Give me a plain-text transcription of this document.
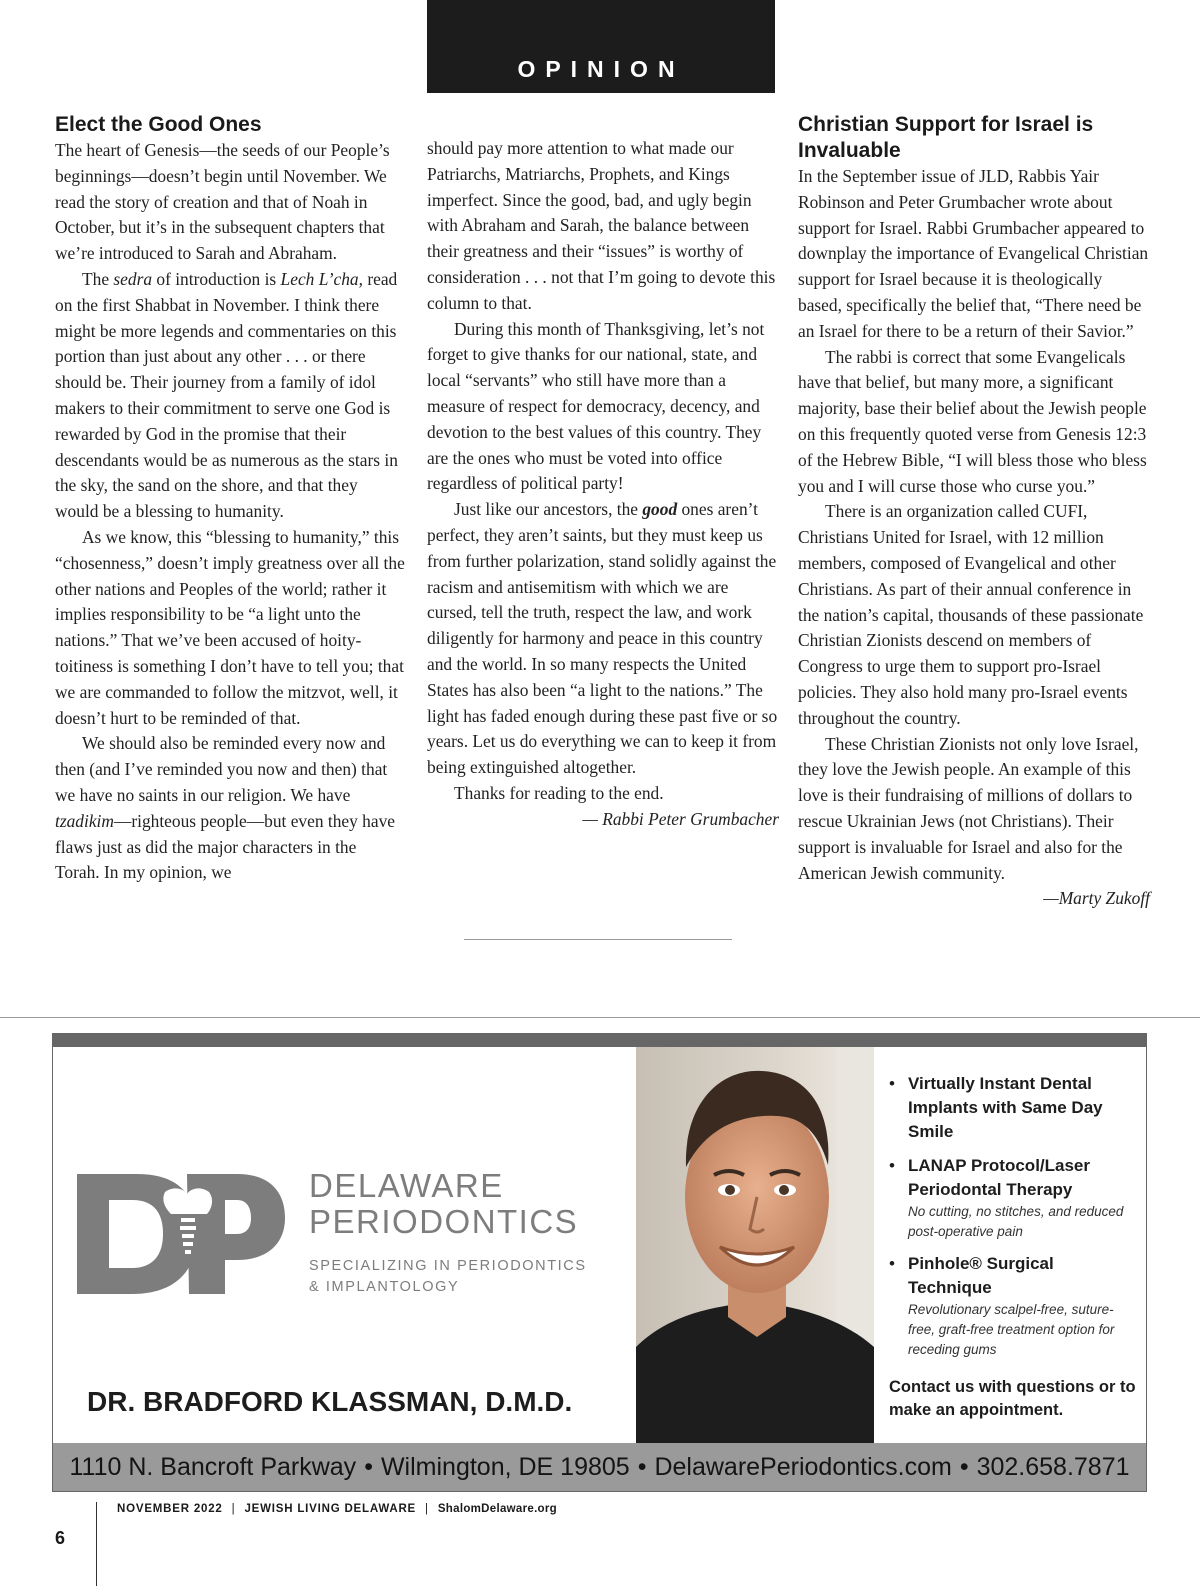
OPINION
Elect the Good Ones

The heart of Genesis—the seeds of our People’s beginnings—doesn’t begin until November. We read the story of creation and that of Noah in October, but it’s in the subsequent chapters that we’re introduced to Sarah and Abraham.

The sedra of introduction is Lech L’cha, read on the first Shabbat in November. I think there might be more legends and commentaries on this portion than just about any other . . . or there should be. Their journey from a family of idol makers to their commitment to serve one God is rewarded by God in the promise that their descendants would be as numerous as the stars in the sky, the sand on the shore, and that they would be a blessing to humanity.

As we know, this “blessing to humanity,” this “chosenness,” doesn’t imply greatness over all the other nations and Peoples of the world; rather it implies responsibility to be “a light unto the nations.” That we’ve been accused of hoity-toitiness is something I don’t have to tell you; that we are commanded to follow the mitzvot, well, it doesn’t hurt to be reminded of that.

We should also be reminded every now and then (and I’ve reminded you now and then) that we have no saints in our religion. We have tzadikim—righteous people—but even they have flaws just as did the major characters in the Torah. In my opinion, we

should pay more attention to what made our Patriarchs, Matriarchs, Prophets, and Kings imperfect. Since the good, bad, and ugly begin with Abraham and Sarah, the balance between their greatness and their “issues” is worthy of consideration . . . not that I’m going to devote this column to that.

During this month of Thanksgiving, let’s not forget to give thanks for our national, state, and local “servants” who still have more than a measure of respect for democracy, decency, and devotion to the best values of this country. They are the ones who must be voted into office regardless of political party!

Just like our ancestors, the good ones aren’t perfect, they aren’t saints, but they must keep us from further polarization, stand solidly against the racism and antisemitism with which we are cursed, tell the truth, respect the law, and work diligently for harmony and peace in this country and the world. In so many respects the United States has also been “a light to the nations.” The light has faded enough during these past five or so years. Let us do everything we can to keep it from being extinguished altogether.

Thanks for reading to the end.

— Rabbi Peter Grumbacher

Christian Support for Israel is Invaluable

In the September issue of JLD, Rabbis Yair Robinson and Peter Grumbacher wrote about support for Israel. Rabbi Grumbacher appeared to downplay the importance of Evangelical Christian support for Israel because it is theologically based, specifically the belief that, “There need be an Israel for there to be a return of their Savior.”

The rabbi is correct that some Evangelicals have that belief, but many more, a significant majority, base their belief about the Jewish people on this frequently quoted verse from Genesis 12:3 of the Hebrew Bible, “I will bless those who bless you and I will curse those who curse you.”

There is an organization called CUFI, Christians United for Israel, with 12 million members, composed of Evangelical and other Christians. As part of their annual conference in the nation’s capital, thousands of these passionate Christian Zionists descend on members of Congress to urge them to support pro-Israel policies. They also hold many pro-Israel events throughout the country.

These Christian Zionists not only love Israel, they love the Jewish people. An example of this love is their fundraising of millions of dollars to rescue Ukrainian Jews (not Christians). Their support is invaluable for Israel and also for the American Jewish community.

—Marty Zukoff

DELAWARE
PERIODONTICS
SPECIALIZING IN PERIODONTICS
& IMPLANTOLOGY
DR. BRADFORD KLASSMAN, D.M.D.
• Virtually Instant Dental Implants with Same Day Smile
• LANAP Protocol/Laser Periodontal Therapy
No cutting, no stitches, and reduced post-operative pain
• Pinhole® Surgical Technique
Revolutionary scalpel-free, suture-free, graft-free treatment option for receding gums
Contact us with questions or to make an appointment.
1110 N. Bancroft Parkway • Wilmington, DE 19805 • DelawarePeriodontics.com • 302.658.7871
6
NOVEMBER 2022 | JEWISH LIVING DELAWARE | ShalomDelaware.org
